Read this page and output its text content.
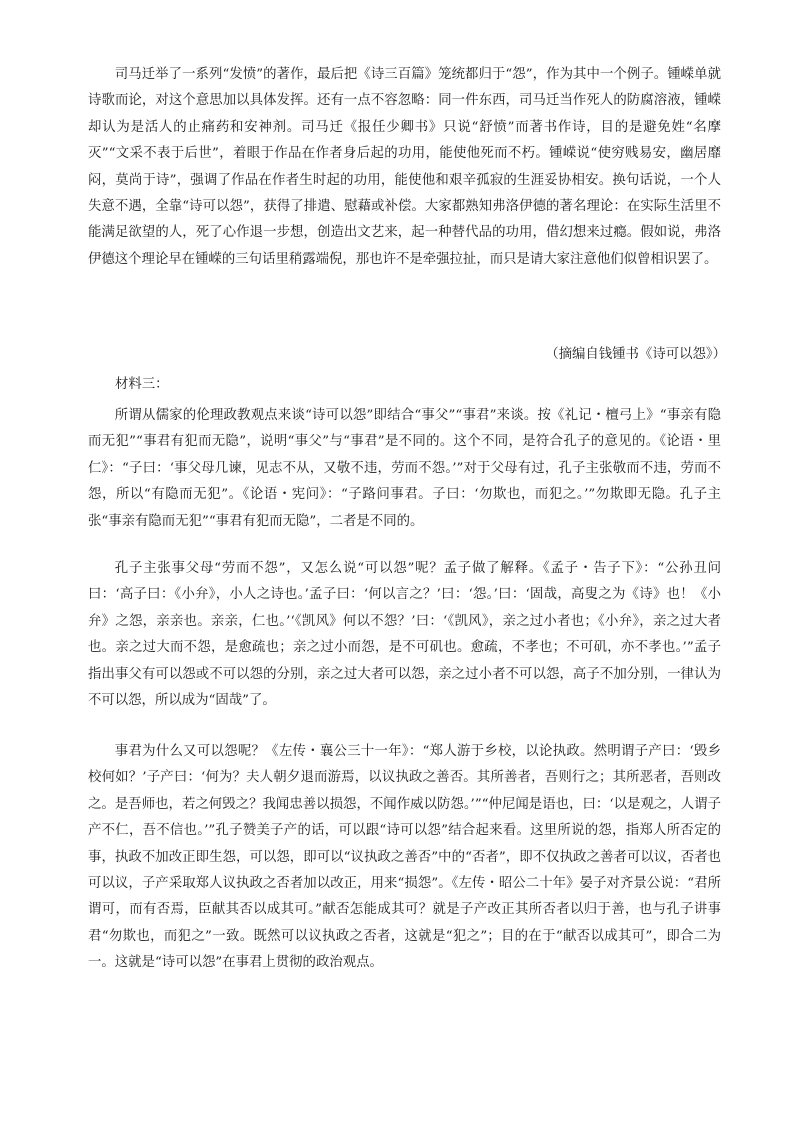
司马迁举了一系列“发愤”的著作，最后把《诗三百篇》笼统都归于“怨”，作为其中一个例子。锺嵘单就诗歌而论，对这个意思加以具体发挥。还有一点不容忽略：同一件东西，司马迁当作死人的防腐溶液，锺嵘却认为是活人的止痛药和安神剂。司马迁《报任少卿书》只说“舒愤”而著书作诗，目的是避免姓“名摩灭”“文采不表于后世”，着眼于作品在作者身后起的功用，能使他死而不朽。锺嵘说“使穷贱易安，幽居靡闷，莫尚于诗”，强调了作品在作者生时起的功用，能使他和艰辛孤寂的生涯妥协相安。换句话说，一个人失意不遇，全靠“诗可以怨”，获得了排遣、慰藉或补偿。大家都熟知弗洛伊德的著名理论：在实际生活里不能满足欲望的人，死了心作退一步想，创造出文艺来，起一种替代品的功用，借幻想来过瘾。假如说，弗洛伊德这个理论早在锺嵘的三句话里稍露端倪，那也许不是牵强拉扯，而只是请大家注意他们似曾相识罢了。

（摘编自钱锺书《诗可以怨》）
材料三：

所谓从儒家的伦理政教观点来谈“诗可以怨”即结合“事父”“事君”来谈。按《礼记・檀弓上》“事亲有隐而无犯”“事君有犯而无隐”，说明“事父”与“事君”是不同的。这个不同，是符合孔子的意见的。《论语・里仁》：“子曰：‘事父母几谏，见志不从，又敬不违，劳而不怨。’”对于父母有过，孔子主张敬而不违，劳而不怨，所以“有隐而无犯”。《论语・宪问》：“子路问事君。子曰：‘勿欺也，而犯之。’”勿欺即无隐。孔子主张“事亲有隐而无犯”“事君有犯而无隐”，二者是不同的。

孔子主张事父母“劳而不怨”，又怎么说“可以怨”呢？孟子做了解释。《孟子・告子下》：“公孙丑问曰：‘高子曰：《小弁》，小人之诗也。’孟子曰：‘何以言之？’曰：‘怨。’曰：‘固哉，高叟之为《诗》也！《小弁》之怨，亲亲也。亲亲，仁也。’‘《凯风》何以不怨？’曰：‘《凯风》，亲之过小者也；《小弁》，亲之过大者也。亲之过大而不怨，是愈疏也；亲之过小而怨，是不可矶也。愈疏，不孝也；不可矶，亦不孝也。’”孟子指出事父有可以怨或不可以怨的分别，亲之过大者可以怨，亲之过小者不可以怨，高子不加分别，一律认为不可以怨，所以成为“固哉”了。

事君为什么又可以怨呢？《左传・襄公三十一年》：“郑人游于乡校，以论执政。然明谓子产曰：‘毁乡校何如？’子产曰：‘何为？夫人朝夕退而游焉，以议执政之善否。其所善者，吾则行之；其所恶者，吾则改之。是吾师也，若之何毁之？我闻忠善以损怨，不闻作威以防怨。’”“仲尼闻是语也，曰：‘以是观之，人谓子产不仁，吾不信也。’”孔子赞美子产的话，可以跟“诗可以怨”结合起来看。这里所说的怨，指郑人所否定的事，执政不加改正即生怨，可以怨，即可以“议执政之善否”中的“否者”，即不仅执政之善者可以议，否者也可以议，子产采取郑人议执政之否者加以改正，用来“损怨”。《左传・昭公二十年》晏子对齐景公说：“君所谓可，而有否焉，臣献其否以成其可。”献否怎能成其可？就是子产改正其所否者以归于善，也与孔子讲事君“勿欺也，而犯之”一致。既然可以议执政之否者，这就是“犯之”；目的在于“献否以成其可”，即合二为一。这就是“诗可以怨”在事君上贯彻的政治观点。
